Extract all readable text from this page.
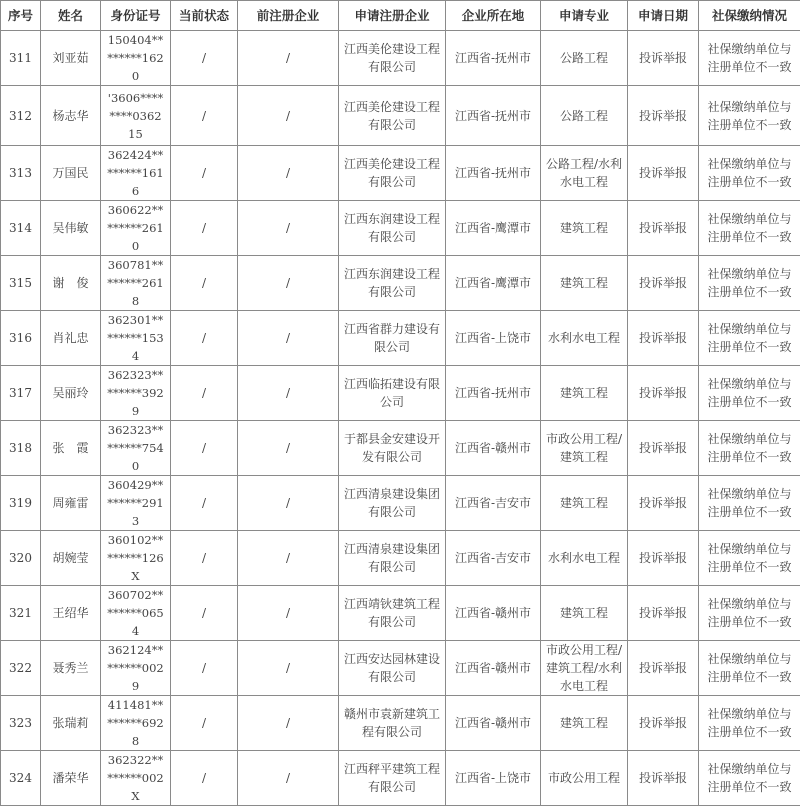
序号	姓名	身份证号	当前状态	前注册企业	申请注册企业	企业所在地	申请专业	申请日期	社保缴纳情况
311	刘亚茹	150404********1620	/	/	江西美伦建设工程有限公司	江西省-抚州市	公路工程	投诉举报	社保缴纳单位与注册单位不一致
312	杨志华	'3606********036215	/	/	江西美伦建设工程有限公司	江西省-抚州市	公路工程	投诉举报	社保缴纳单位与注册单位不一致
313	万国民	362424********1616	/	/	江西美伦建设工程有限公司	江西省-抚州市	公路工程/水利水电工程	投诉举报	社保缴纳单位与注册单位不一致
314	吴伟敏	360622********2610	/	/	江西东润建设工程有限公司	江西省-鹰潭市	建筑工程	投诉举报	社保缴纳单位与注册单位不一致
315	谢　俊	360781********2618	/	/	江西东润建设工程有限公司	江西省-鹰潭市	建筑工程	投诉举报	社保缴纳单位与注册单位不一致
316	肖礼忠	362301********1534	/	/	江西省群力建设有限公司	江西省-上饶市	水利水电工程	投诉举报	社保缴纳单位与注册单位不一致
317	吴丽玲	362323********3929	/	/	江西临拓建设有限公司	江西省-抚州市	建筑工程	投诉举报	社保缴纳单位与注册单位不一致
318	张　霞	362323********7540	/	/	于都县金安建设开发有限公司	江西省-赣州市	市政公用工程/建筑工程	投诉举报	社保缴纳单位与注册单位不一致
319	周雍雷	360429********2913	/	/	江西清泉建设集团有限公司	江西省-吉安市	建筑工程	投诉举报	社保缴纳单位与注册单位不一致
320	胡婉莹	360102********126X	/	/	江西清泉建设集团有限公司	江西省-吉安市	水利水电工程	投诉举报	社保缴纳单位与注册单位不一致
321	王绍华	360702********0654	/	/	江西靖钬建筑工程有限公司	江西省-赣州市	建筑工程	投诉举报	社保缴纳单位与注册单位不一致
322	聂秀兰	362124********0029	/	/	江西安达园林建设有限公司	江西省-赣州市	市政公用工程/建筑工程/水利水电工程	投诉举报	社保缴纳单位与注册单位不一致
323	张瑞莉	411481********6928	/	/	赣州市袁新建筑工程有限公司	江西省-赣州市	建筑工程	投诉举报	社保缴纳单位与注册单位不一致
324	潘荣华	362322********002X	/	/	江西秤平建筑工程有限公司	江西省-上饶市	市政公用工程	投诉举报	社保缴纳单位与注册单位不一致
